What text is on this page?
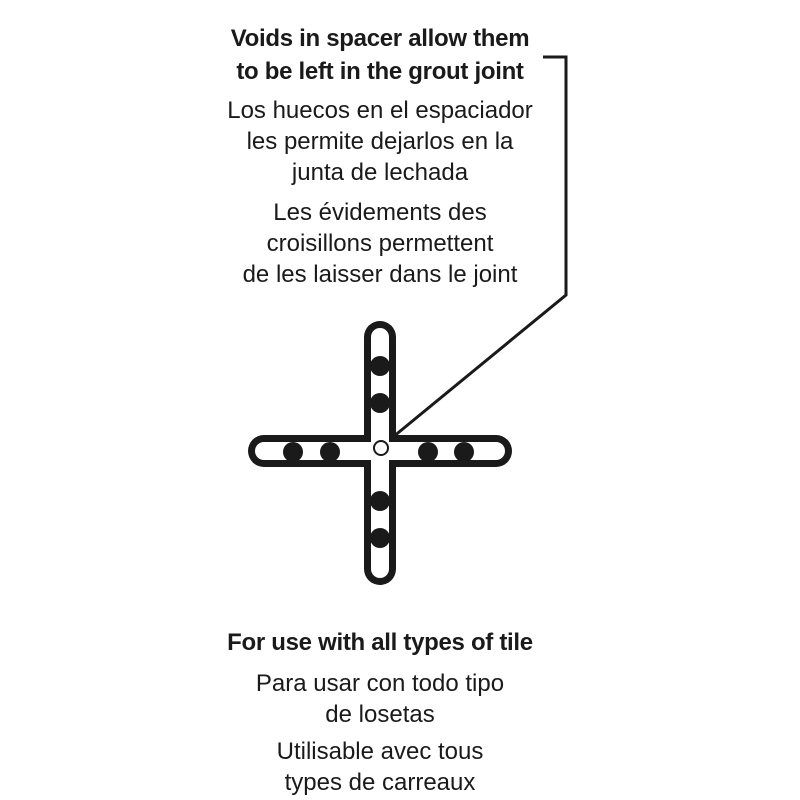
Voids in spacer allow them
to be left in the grout joint
Los huecos en el espaciador
les permite dejarlos en la
junta de lechada
Les évidements des
croisillons permettent
de les laisser dans le joint
For use with all types of tile
Para usar con todo tipo
de losetas
Utilisable avec tous
types de carreaux
